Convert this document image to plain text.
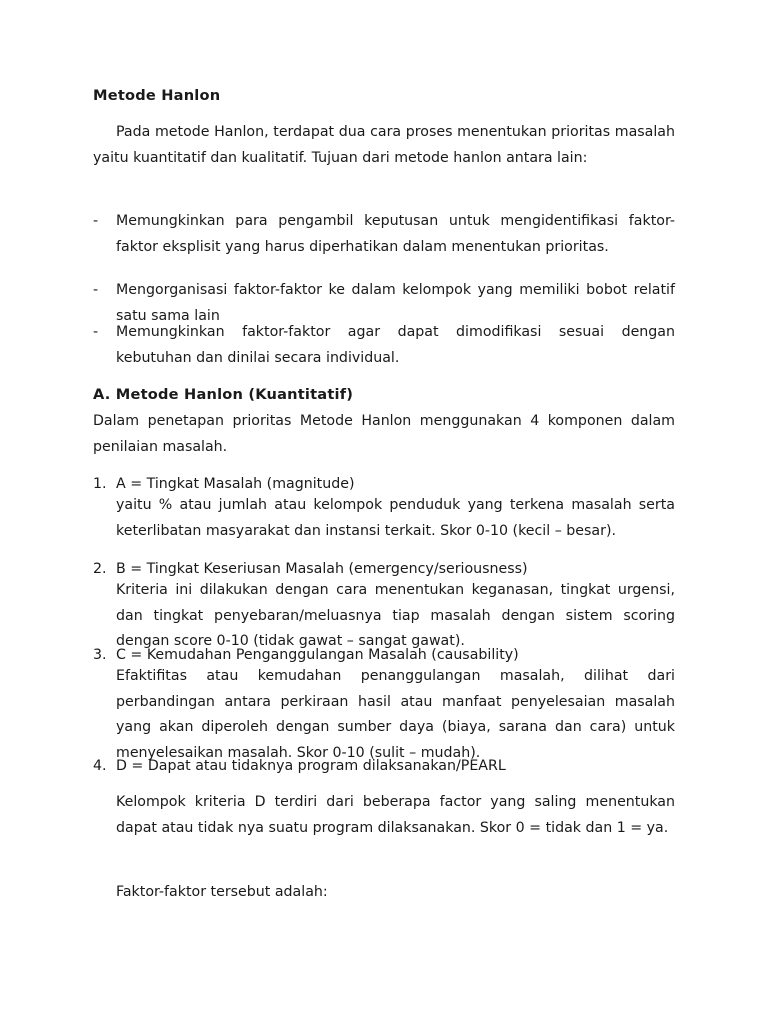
Metode Hanlon
Pada metode Hanlon, terdapat dua cara proses menentukan prioritas masalah yaitu kuantitatif dan kualitatif. Tujuan dari metode hanlon antara lain:
-	Memungkinkan para pengambil keputusan untuk mengidentifikasi faktor-faktor eksplisit yang harus diperhatikan dalam menentukan prioritas.
-	Mengorganisasi faktor-faktor ke dalam kelompok yang memiliki bobot relatif satu sama lain
-	Memungkinkan faktor-faktor agar dapat dimodifikasi sesuai dengan kebutuhan dan dinilai secara individual.
A. Metode Hanlon (Kuantitatif)
Dalam penetapan prioritas Metode Hanlon menggunakan 4 komponen dalam penilaian masalah.
1. A = Tingkat Masalah (magnitude)
yaitu % atau jumlah atau kelompok penduduk yang terkena masalah serta keterlibatan masyarakat dan instansi terkait. Skor 0-10 (kecil – besar).
2. B = Tingkat Keseriusan Masalah (emergency/seriousness)
Kriteria ini dilakukan dengan cara menentukan keganasan, tingkat urgensi, dan tingkat penyebaran/meluasnya tiap masalah dengan sistem scoring dengan score 0-10 (tidak gawat – sangat gawat).
3. C = Kemudahan Penganggulangan Masalah (causability)
Efaktifitas atau kemudahan penanggulangan masalah, dilihat dari perbandingan antara perkiraan hasil atau manfaat penyelesaian masalah yang akan diperoleh dengan sumber daya (biaya, sarana dan cara) untuk menyelesaikan masalah. Skor 0-10 (sulit – mudah).
4. D = Dapat atau tidaknya program dilaksanakan/PEARL
Kelompok kriteria D terdiri dari beberapa factor yang saling menentukan dapat atau tidak nya suatu program dilaksanakan. Skor 0 = tidak dan 1 = ya.
Faktor-faktor tersebut adalah:
